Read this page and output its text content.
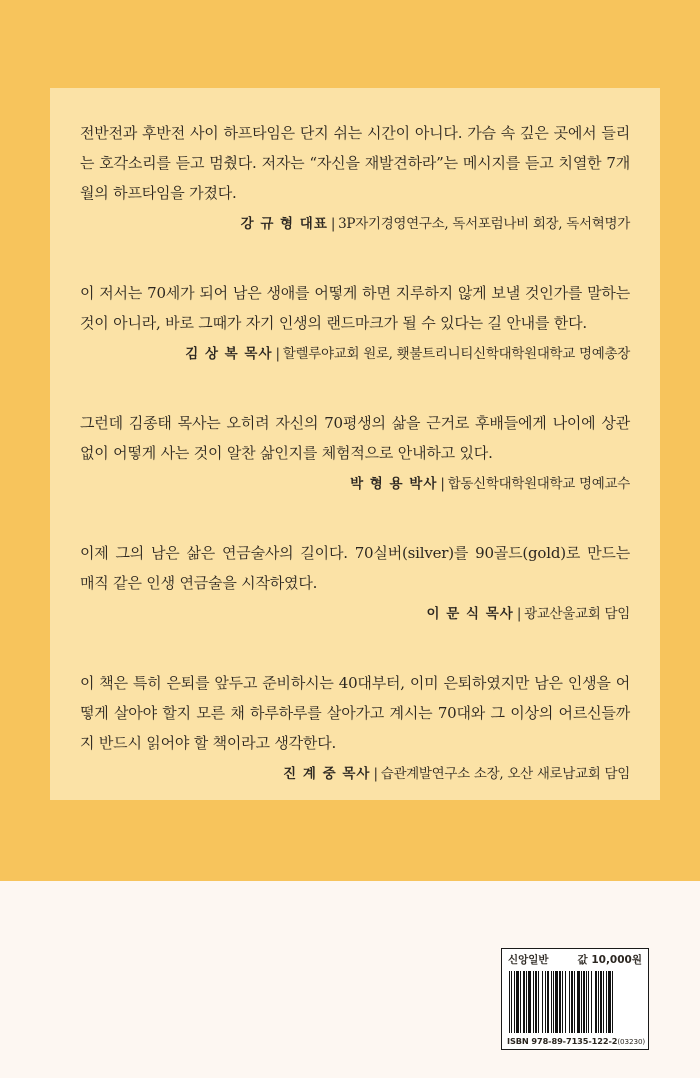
전반전과 후반전 사이 하프타임은 단지 쉬는 시간이 아니다. 가슴 속 깊은 곳에서 들리는 호각소리를 듣고 멈췄다. 저자는 “자신을 재발견하라”는 메시지를 듣고 치열한 7개월의 하프타임을 가졌다.

강 규 형 대표 | 3P자기경영연구소, 독서포럼나비 회장, 독서혁명가

이 저서는 70세가 되어 남은 생애를 어떻게 하면 지루하지 않게 보낼 것인가를 말하는 것이 아니라, 바로 그때가 자기 인생의 랜드마크가 될 수 있다는 길 안내를 한다.

김 상 복 목사 | 할렐루야교회 원로, 횃불트리니티신학대학원대학교 명예총장

그런데 김종태 목사는 오히려 자신의 70평생의 삶을 근거로 후배들에게 나이에 상관없이 어떻게 사는 것이 알찬 삶인지를 체험적으로 안내하고 있다.

박 형 용 박사 | 합동신학대학원대학교 명예교수

이제 그의 남은 삶은 연금술사의 길이다. 70실버(silver)를 90골드(gold)로 만드는 매직 같은 인생 연금술을 시작하였다.

이 문 식 목사 | 광교산울교회 담임

이 책은 특히 은퇴를 앞두고 준비하시는 40대부터, 이미 은퇴하였지만 남은 인생을 어떻게 살아야 할지 모른 채 하루하루를 살아가고 계시는 70대와 그 이상의 어르신들까지 반드시 읽어야 할 책이라고 생각한다.

진 계 중 목사 | 습관계발연구소 소장, 오산 새로남교회 담임

신앙일반	값 10,000원
ISBN 978-89-7135-122-2(03230)
